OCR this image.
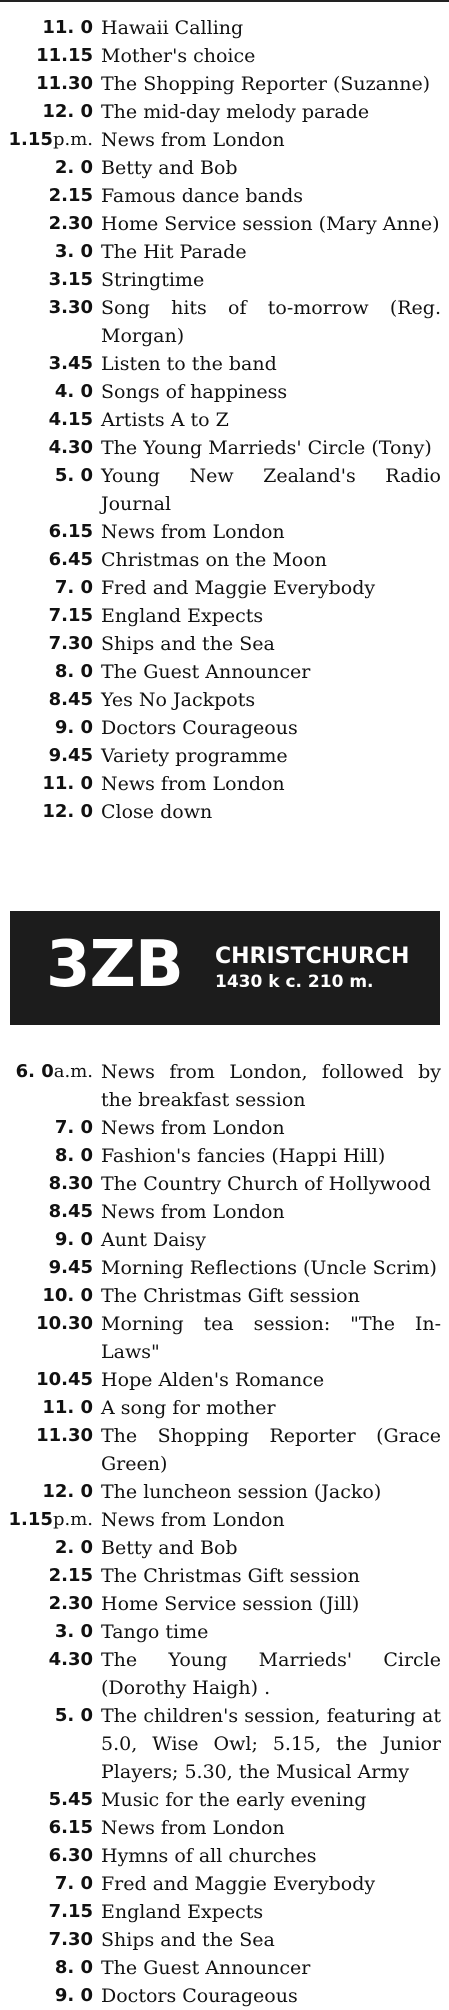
11. 0 Hawaii Calling
11.15 Mother's choice
11.30 The Shopping Reporter (Suzanne)
12. 0 The mid-day melody parade
1.15p.m. News from London
2. 0 Betty and Bob
2.15 Famous dance bands
2.30 Home Service session (Mary Anne)
3. 0 The Hit Parade
3.15 Stringtime
3.30 Song hits of to-morrow (Reg. Morgan)
3.45 Listen to the band
4. 0 Songs of happiness
4.15 Artists A to Z
4.30 The Young Marrieds' Circle (Tony)
5. 0 Young New Zealand's Radio Journal
6.15 News from London
6.45 Christmas on the Moon
7. 0 Fred and Maggie Everybody
7.15 England Expects
7.30 Ships and the Sea
8. 0 The Guest Announcer
8.45 Yes No Jackpots
9. 0 Doctors Courageous
9.45 Variety programme
11. 0 News from London
12. 0 Close down
3ZB CHRISTCHURCH
1430 k c. 210 m.
6. 0a.m. News from London, followed by the breakfast session
7. 0 News from London
8. 0 Fashion's fancies (Happi Hill)
8.30 The Country Church of Hollywood
8.45 News from London
9. 0 Aunt Daisy
9.45 Morning Reflections (Uncle Scrim)
10. 0 The Christmas Gift session
10.30 Morning tea session: "The In-Laws"
10.45 Hope Alden's Romance
11. 0 A song for mother
11.30 The Shopping Reporter (Grace Green)
12. 0 The luncheon session (Jacko)
1.15p.m. News from London
2. 0 Betty and Bob
2.15 The Christmas Gift session
2.30 Home Service session (Jill)
3. 0 Tango time
4.30 The Young Marrieds' Circle (Dorothy Haigh) .
5. 0 The children's session, featuring at 5.0, Wise Owl; 5.15, the Junior Players; 5.30, the Musical Army
5.45 Music for the early evening
6.15 News from London
6.30 Hymns of all churches
7. 0 Fred and Maggie Everybody
7.15 England Expects
7.30 Ships and the Sea
8. 0 The Guest Announcer
9. 0 Doctors Courageous
